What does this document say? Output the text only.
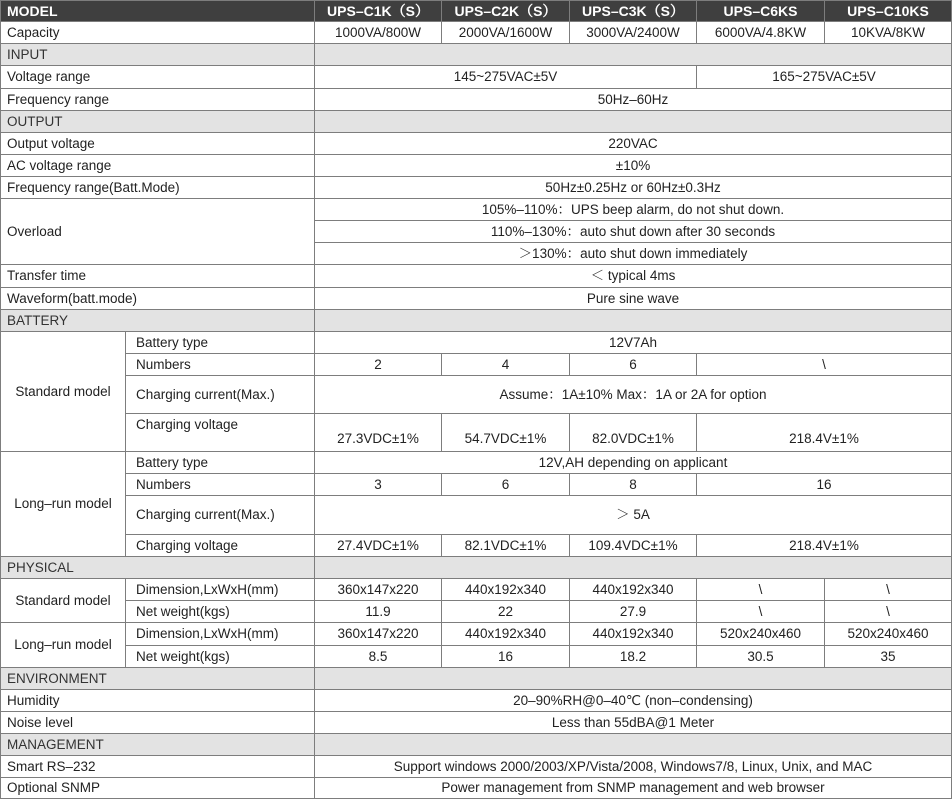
MODEL		UPS–C1K（S）	UPS–C2K（S）	UPS–C3K（S）	UPS–C6KS	UPS–C10KS
Capacity		1000VA/800W	2000VA/1600W	3000VA/2400W	6000VA/4.8KW	10KVA/8KW
INPUT						
Voltage range		145~275VAC±5V			165~275VAC±5V	
Frequency range		50Hz–60Hz				
OUTPUT						
Output voltage		220VAC				
AC voltage range		±10%				
Frequency range(Batt.Mode)		50Hz±0.25Hz or 60Hz±0.3Hz				
Overload		105%–110%：UPS beep alarm, do not shut down.				
		110%–130%：auto shut down after 30 seconds				
		＞130%：auto shut down immediately				
Transfer time		＜ typical 4ms				
Waveform(batt.mode)		Pure sine wave				
BATTERY						
Standard model	Battery type	12V7Ah				
	Numbers	2	4	6	\	
	Charging current(Max.)	Assume：1A±10% Max：1A or 2A for option				
	Charging voltage	27.3VDC±1%	54.7VDC±1%	82.0VDC±1%	218.4V±1%	

Long–run model	Battery type	12V,AH depending on applicant				
	Numbers	3	6	8	16	
	Charging current(Max.)	＞ 5A				
	Charging voltage	27.4VDC±1%	82.1VDC±1%	109.4VDC±1%	218.4V±1%	
PHYSICAL						
Standard model	Dimension,LxWxH(mm)	360x147x220	440x192x340	440x192x340	\	\
	Net weight(kgs)	11.9	22	27.9	\	\
Long–run model	Dimension,LxWxH(mm)	360x147x220	440x192x340	440x192x340	520x240x460	520x240x460
	Net weight(kgs)	8.5	16	18.2	30.5	35
ENVIRONMENT						
Humidity		20–90%RH@0–40℃ (non–condensing)				
Noise level		Less than 55dBA@1 Meter				
MANAGEMENT						
Smart RS–232		Support windows 2000/2003/XP/Vista/2008, Windows7/8, Linux, Unix, and MAC				
Optional SNMP		Power management from SNMP management and web browser				
